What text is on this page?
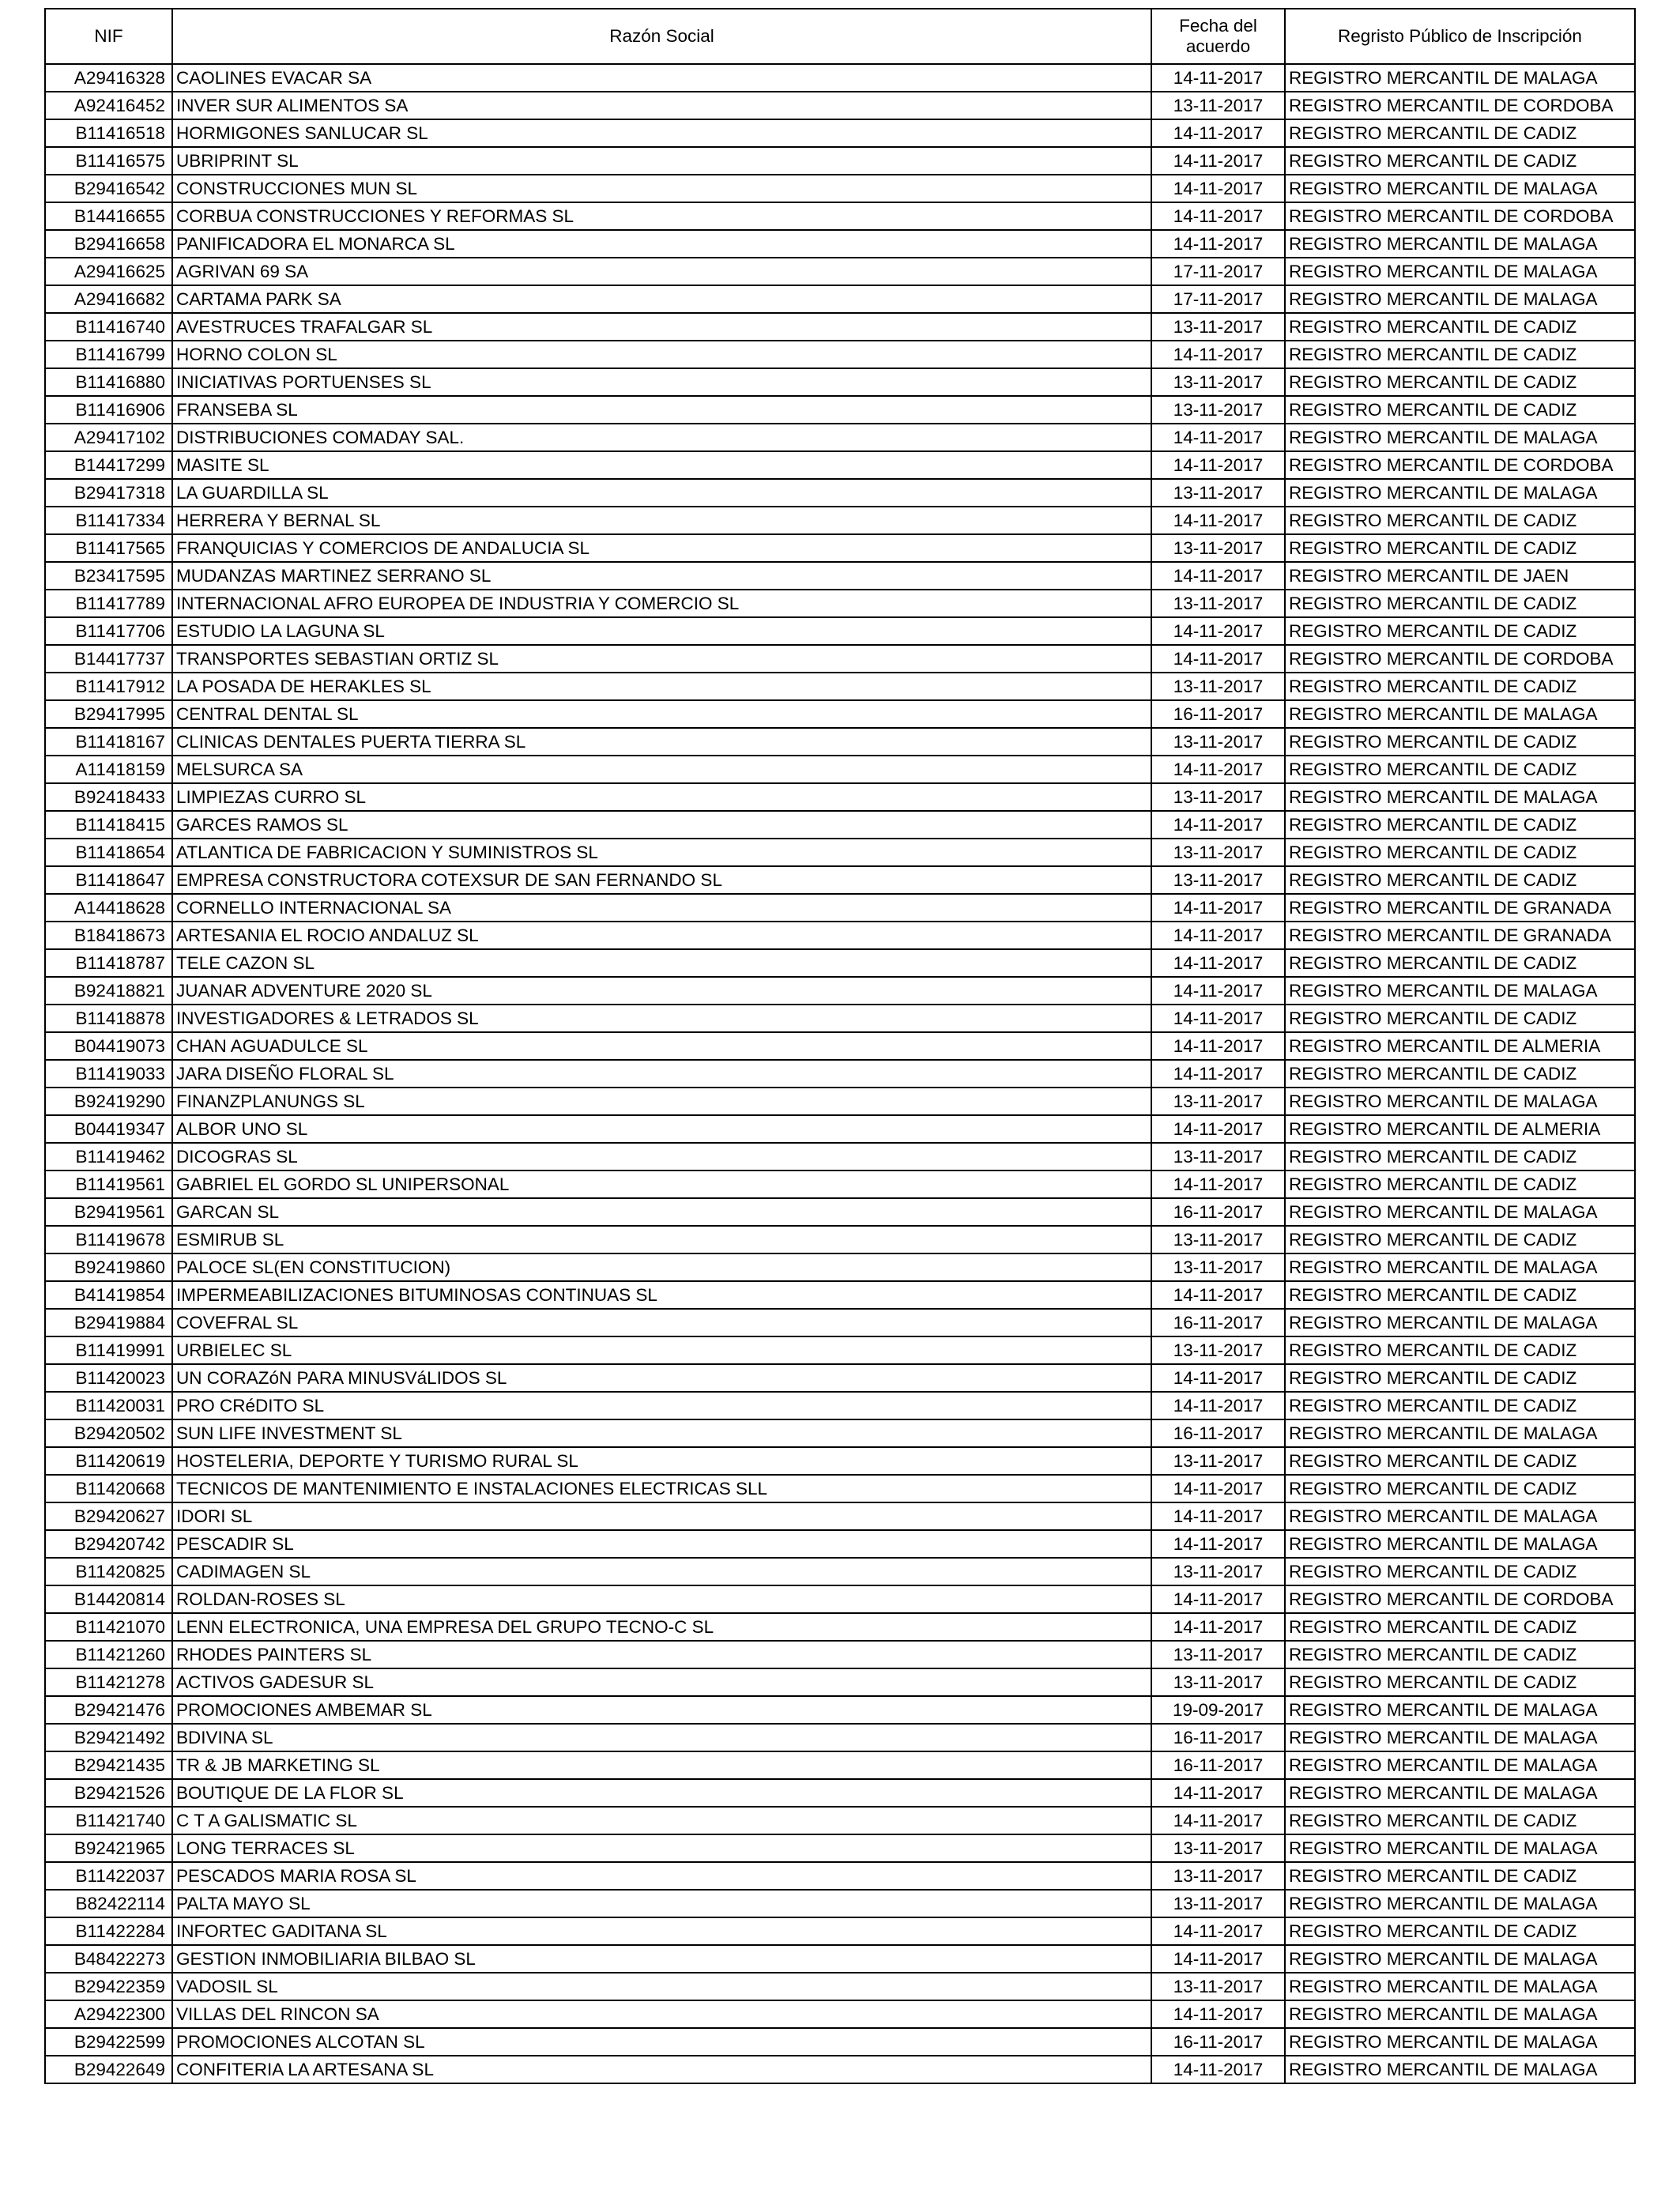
NIF	Razón Social	Fecha del acuerdo	Regristo Público de Inscripción
A29416328	CAOLINES EVACAR SA	14-11-2017	REGISTRO MERCANTIL DE MALAGA
A92416452	INVER SUR ALIMENTOS SA	13-11-2017	REGISTRO MERCANTIL DE CORDOBA
B11416518	HORMIGONES SANLUCAR SL	14-11-2017	REGISTRO MERCANTIL DE CADIZ
B11416575	UBRIPRINT SL	14-11-2017	REGISTRO MERCANTIL DE CADIZ
B29416542	CONSTRUCCIONES MUN SL	14-11-2017	REGISTRO MERCANTIL DE MALAGA
B14416655	CORBUA CONSTRUCCIONES Y REFORMAS SL	14-11-2017	REGISTRO MERCANTIL DE CORDOBA
B29416658	PANIFICADORA EL MONARCA SL	14-11-2017	REGISTRO MERCANTIL DE MALAGA
A29416625	AGRIVAN 69 SA	17-11-2017	REGISTRO MERCANTIL DE MALAGA
A29416682	CARTAMA PARK SA	17-11-2017	REGISTRO MERCANTIL DE MALAGA
B11416740	AVESTRUCES TRAFALGAR SL	13-11-2017	REGISTRO MERCANTIL DE CADIZ
B11416799	HORNO COLON SL	14-11-2017	REGISTRO MERCANTIL DE CADIZ
B11416880	INICIATIVAS PORTUENSES SL	13-11-2017	REGISTRO MERCANTIL DE CADIZ
B11416906	FRANSEBA SL	13-11-2017	REGISTRO MERCANTIL DE CADIZ
A29417102	DISTRIBUCIONES COMADAY SAL.	14-11-2017	REGISTRO MERCANTIL DE MALAGA
B14417299	MASITE SL	14-11-2017	REGISTRO MERCANTIL DE CORDOBA
B29417318	LA GUARDILLA SL	13-11-2017	REGISTRO MERCANTIL DE MALAGA
B11417334	HERRERA Y BERNAL SL	14-11-2017	REGISTRO MERCANTIL DE CADIZ
B11417565	FRANQUICIAS Y COMERCIOS DE ANDALUCIA SL	13-11-2017	REGISTRO MERCANTIL DE CADIZ
B23417595	MUDANZAS MARTINEZ SERRANO SL	14-11-2017	REGISTRO MERCANTIL DE JAEN
B11417789	INTERNACIONAL AFRO EUROPEA DE INDUSTRIA Y COMERCIO SL	13-11-2017	REGISTRO MERCANTIL DE CADIZ
B11417706	ESTUDIO LA LAGUNA SL	14-11-2017	REGISTRO MERCANTIL DE CADIZ
B14417737	TRANSPORTES SEBASTIAN ORTIZ SL	14-11-2017	REGISTRO MERCANTIL DE CORDOBA
B11417912	LA POSADA DE HERAKLES SL	13-11-2017	REGISTRO MERCANTIL DE CADIZ
B29417995	CENTRAL DENTAL SL	16-11-2017	REGISTRO MERCANTIL DE MALAGA
B11418167	CLINICAS DENTALES PUERTA TIERRA SL	13-11-2017	REGISTRO MERCANTIL DE CADIZ
A11418159	MELSURCA SA	14-11-2017	REGISTRO MERCANTIL DE CADIZ
B92418433	LIMPIEZAS CURRO SL	13-11-2017	REGISTRO MERCANTIL DE MALAGA
B11418415	GARCES RAMOS SL	14-11-2017	REGISTRO MERCANTIL DE CADIZ
B11418654	ATLANTICA DE FABRICACION Y SUMINISTROS SL	13-11-2017	REGISTRO MERCANTIL DE CADIZ
B11418647	EMPRESA CONSTRUCTORA COTEXSUR DE SAN FERNANDO SL	13-11-2017	REGISTRO MERCANTIL DE CADIZ
A14418628	CORNELLO INTERNACIONAL SA	14-11-2017	REGISTRO MERCANTIL DE GRANADA
B18418673	ARTESANIA EL ROCIO ANDALUZ SL	14-11-2017	REGISTRO MERCANTIL DE GRANADA
B11418787	TELE CAZON SL	14-11-2017	REGISTRO MERCANTIL DE CADIZ
B92418821	JUANAR ADVENTURE 2020 SL	14-11-2017	REGISTRO MERCANTIL DE MALAGA
B11418878	INVESTIGADORES & LETRADOS SL	14-11-2017	REGISTRO MERCANTIL DE CADIZ
B04419073	CHAN AGUADULCE SL	14-11-2017	REGISTRO MERCANTIL DE ALMERIA
B11419033	JARA DISEÑO FLORAL SL	14-11-2017	REGISTRO MERCANTIL DE CADIZ
B92419290	FINANZPLANUNGS SL	13-11-2017	REGISTRO MERCANTIL DE MALAGA
B04419347	ALBOR UNO SL	14-11-2017	REGISTRO MERCANTIL DE ALMERIA
B11419462	DICOGRAS SL	13-11-2017	REGISTRO MERCANTIL DE CADIZ
B11419561	GABRIEL EL GORDO SL UNIPERSONAL	14-11-2017	REGISTRO MERCANTIL DE CADIZ
B29419561	GARCAN SL	16-11-2017	REGISTRO MERCANTIL DE MALAGA
B11419678	ESMIRUB SL	13-11-2017	REGISTRO MERCANTIL DE CADIZ
B92419860	PALOCE SL(EN CONSTITUCION)	13-11-2017	REGISTRO MERCANTIL DE MALAGA
B41419854	IMPERMEABILIZACIONES BITUMINOSAS CONTINUAS SL	14-11-2017	REGISTRO MERCANTIL DE CADIZ
B29419884	COVEFRAL SL	16-11-2017	REGISTRO MERCANTIL DE MALAGA
B11419991	URBIELEC SL	13-11-2017	REGISTRO MERCANTIL DE CADIZ
B11420023	UN CORAZóN PARA MINUSVáLIDOS SL	14-11-2017	REGISTRO MERCANTIL DE CADIZ
B11420031	PRO CRéDITO SL	14-11-2017	REGISTRO MERCANTIL DE CADIZ
B29420502	SUN LIFE INVESTMENT SL	16-11-2017	REGISTRO MERCANTIL DE MALAGA
B11420619	HOSTELERIA, DEPORTE Y TURISMO RURAL SL	13-11-2017	REGISTRO MERCANTIL DE CADIZ
B11420668	TECNICOS DE MANTENIMIENTO E INSTALACIONES ELECTRICAS SLL	14-11-2017	REGISTRO MERCANTIL DE CADIZ
B29420627	IDORI SL	14-11-2017	REGISTRO MERCANTIL DE MALAGA
B29420742	PESCADIR SL	14-11-2017	REGISTRO MERCANTIL DE MALAGA
B11420825	CADIMAGEN SL	13-11-2017	REGISTRO MERCANTIL DE CADIZ
B14420814	ROLDAN-ROSES SL	14-11-2017	REGISTRO MERCANTIL DE CORDOBA
B11421070	LENN ELECTRONICA, UNA EMPRESA DEL GRUPO TECNO-C SL	14-11-2017	REGISTRO MERCANTIL DE CADIZ
B11421260	RHODES PAINTERS SL	13-11-2017	REGISTRO MERCANTIL DE CADIZ
B11421278	ACTIVOS GADESUR SL	13-11-2017	REGISTRO MERCANTIL DE CADIZ
B29421476	PROMOCIONES AMBEMAR SL	19-09-2017	REGISTRO MERCANTIL DE MALAGA
B29421492	BDIVINA SL	16-11-2017	REGISTRO MERCANTIL DE MALAGA
B29421435	TR & JB MARKETING SL	16-11-2017	REGISTRO MERCANTIL DE MALAGA
B29421526	BOUTIQUE DE LA FLOR SL	14-11-2017	REGISTRO MERCANTIL DE MALAGA
B11421740	C T A GALISMATIC SL	14-11-2017	REGISTRO MERCANTIL DE CADIZ
B92421965	LONG TERRACES SL	13-11-2017	REGISTRO MERCANTIL DE MALAGA
B11422037	PESCADOS MARIA ROSA SL	13-11-2017	REGISTRO MERCANTIL DE CADIZ
B82422114	PALTA MAYO SL	13-11-2017	REGISTRO MERCANTIL DE MALAGA
B11422284	INFORTEC GADITANA SL	14-11-2017	REGISTRO MERCANTIL DE CADIZ
B48422273	GESTION INMOBILIARIA BILBAO SL	14-11-2017	REGISTRO MERCANTIL DE MALAGA
B29422359	VADOSIL SL	13-11-2017	REGISTRO MERCANTIL DE MALAGA
A29422300	VILLAS DEL RINCON SA	14-11-2017	REGISTRO MERCANTIL DE MALAGA
B29422599	PROMOCIONES ALCOTAN SL	16-11-2017	REGISTRO MERCANTIL DE MALAGA
B29422649	CONFITERIA LA ARTESANA SL	14-11-2017	REGISTRO MERCANTIL DE MALAGA
